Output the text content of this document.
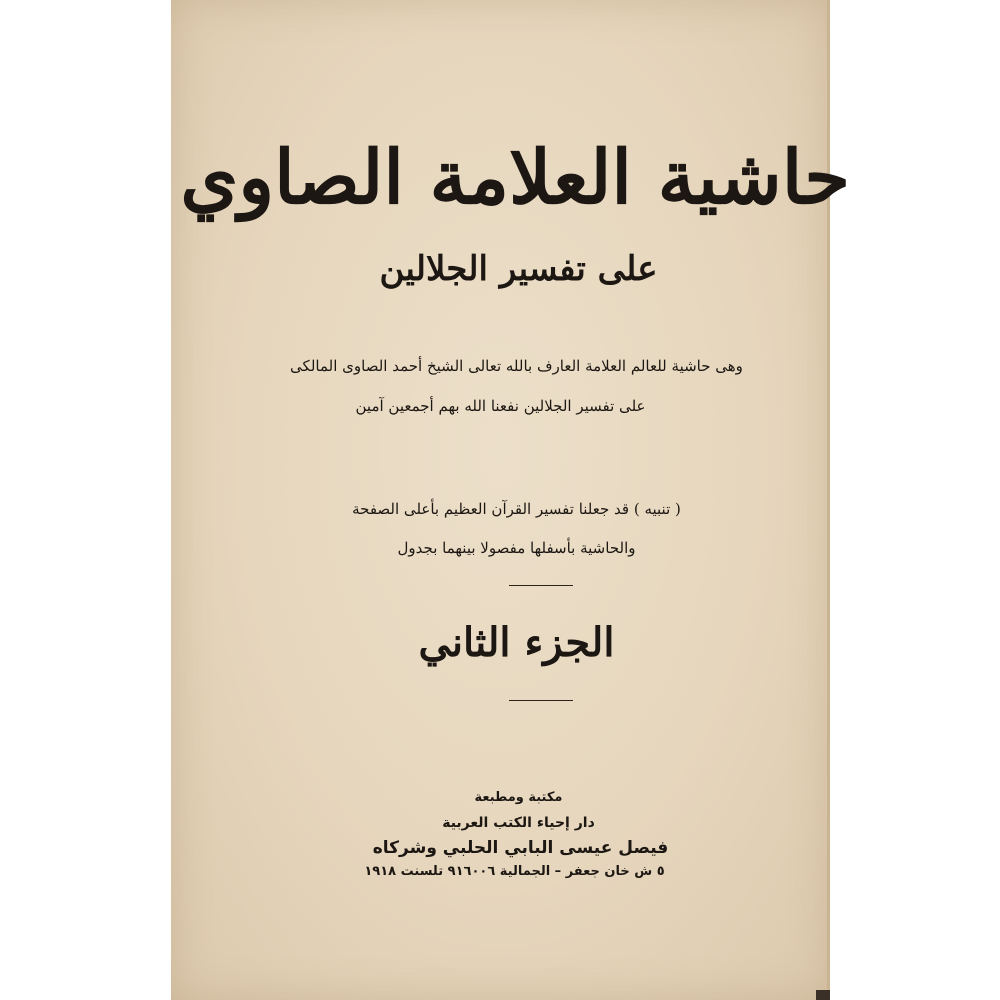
حاشية العلامة الصاوي
على تفسير الجلالين
وهى حاشية للعالم العلامة العارف بالله تعالى الشيخ أحمد الصاوى المالكى
على تفسير الجلالين نفعنا الله بهم أجمعين آمين
( تنبيه ) قد جعلنا تفسير القرآن العظيم بأعلى الصفحة
والحاشية بأسفلها مفصولا بينهما بجدول
الجزء الثاني
مكتبة ومطبعة
دار إحياء الكتب العربية
فيصل عيسى البابي الحلبي وشركاه
٥ ش خان جعفر – الجمالية ٩١٦٠٠٦ تلسنت ١٩١٨
